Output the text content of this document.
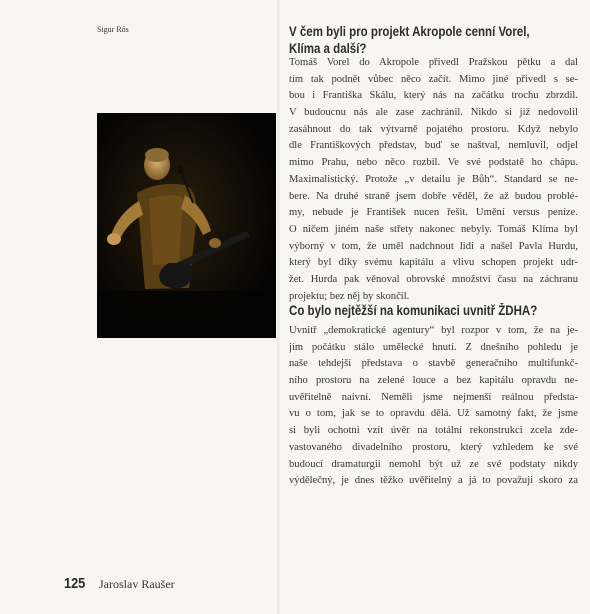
Sigur Rós	V čem byli pro projekt Akropole cenní Vorel,
Klíma a další?
Tomáš Vorel do Akropole přivedl Pražskou pětku a dal
tím tak podnět vůbec něco začít. Mimo jiné přivedl s se-
bou i Františka Skálu, který nás na začátku trochu zbrzdil.
V budoucnu nás ale zase zachránil. Nikdo si již nedovolil
zasáhnout do tak výtvarně pojatého prostoru. Když nebylo
dle Františkových představ, buď se naštval, nemluvil, odjel
mimo Prahu, nebo něco rozbil. Ve své podstatě ho chápu.
Maximalistický. Protože „v detailu je Bůh“. Standard se ne-
bere. Na druhé straně jsem dobře věděl, že až budou problé-
my, nebude je František nucen řešit. Umění versus peníze.
O ničem jiném naše střety nakonec nebyly. Tomáš Klíma byl
výborný v tom, že uměl nadchnout lidi a našel Pavla Hurdu,
který byl díky svému kapitálu a vlivu schopen projekt udr-
žet. Hurda pak věnoval obrovské množství času na záchranu
projektu; bez něj by skončil.
Co bylo nejtěžší na komunikaci uvnitř ŽDHA?
Uvnitř „demokratické agentury“ byl rozpor v tom, že na je-
jím počátku stálo umělecké hnutí. Z dnešního pohledu je
naše tehdejší představa o stavbě generačního multifunkč-
ního prostoru na zelené louce a bez kapitálu opravdu ne-
uvěřitelně naivní. Neměli jsme nejmenší reálnou předsta-
vu o tom, jak se to opravdu dělá. Už samotný fakt, že jsme
si byli ochotni vzít úvěr na totální rekonstrukci zcela zde-
vastovaného divadelního prostoru, který vzhledem ke své
budoucí dramaturgii nemohl být už ze své podstaty nikdy
výdělečný, je dnes těžko uvěřitelný a já to považuji skoro za
125 Jaroslav Raušer
